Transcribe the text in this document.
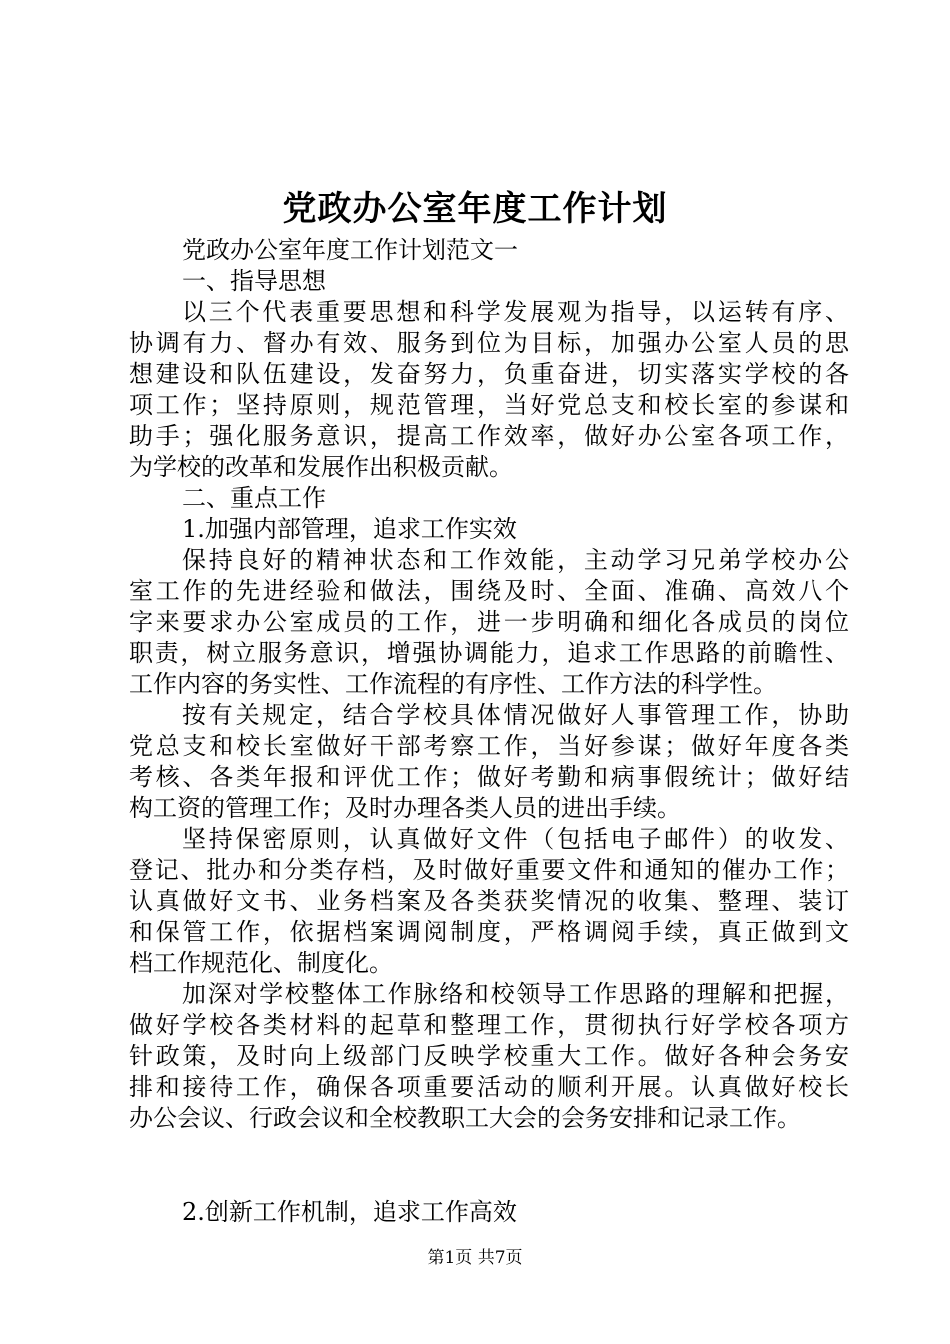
党政办公室年度工作计划

党政办公室年度工作计划范文一

一、指导思想

以三个代表重要思想和科学发展观为指导，以运转有序、

协调有力、督办有效、服务到位为目标，加强办公室人员的思

想建设和队伍建设，发奋努力，负重奋进，切实落实学校的各

项工作；坚持原则，规范管理，当好党总支和校长室的参谋和

助手；强化服务意识，提高工作效率，做好办公室各项工作，

为学校的改革和发展作出积极贡献。

二、重点工作

1.加强内部管理，追求工作实效

保持良好的精神状态和工作效能，主动学习兄弟学校办公

室工作的先进经验和做法，围绕及时、全面、准确、高效八个

字来要求办公室成员的工作，进一步明确和细化各成员的岗位

职责，树立服务意识，增强协调能力，追求工作思路的前瞻性、

工作内容的务实性、工作流程的有序性、工作方法的科学性。

按有关规定，结合学校具体情况做好人事管理工作，协助

党总支和校长室做好干部考察工作，当好参谋；做好年度各类

考核、各类年报和评优工作；做好考勤和病事假统计；做好结

构工资的管理工作；及时办理各类人员的进出手续。

坚持保密原则，认真做好文件（包括电子邮件）的收发、

登记、批办和分类存档，及时做好重要文件和通知的催办工作；

认真做好文书、业务档案及各类获奖情况的收集、整理、装订

和保管工作，依据档案调阅制度，严格调阅手续，真正做到文

档工作规范化、制度化。

加深对学校整体工作脉络和校领导工作思路的理解和把握，

做好学校各类材料的起草和整理工作，贯彻执行好学校各项方

针政策，及时向上级部门反映学校重大工作。做好各种会务安

排和接待工作，确保各项重要活动的顺利开展。认真做好校长

办公会议、行政会议和全校教职工大会的会务安排和记录工作。

2.创新工作机制，追求工作高效

第1页 共7页
